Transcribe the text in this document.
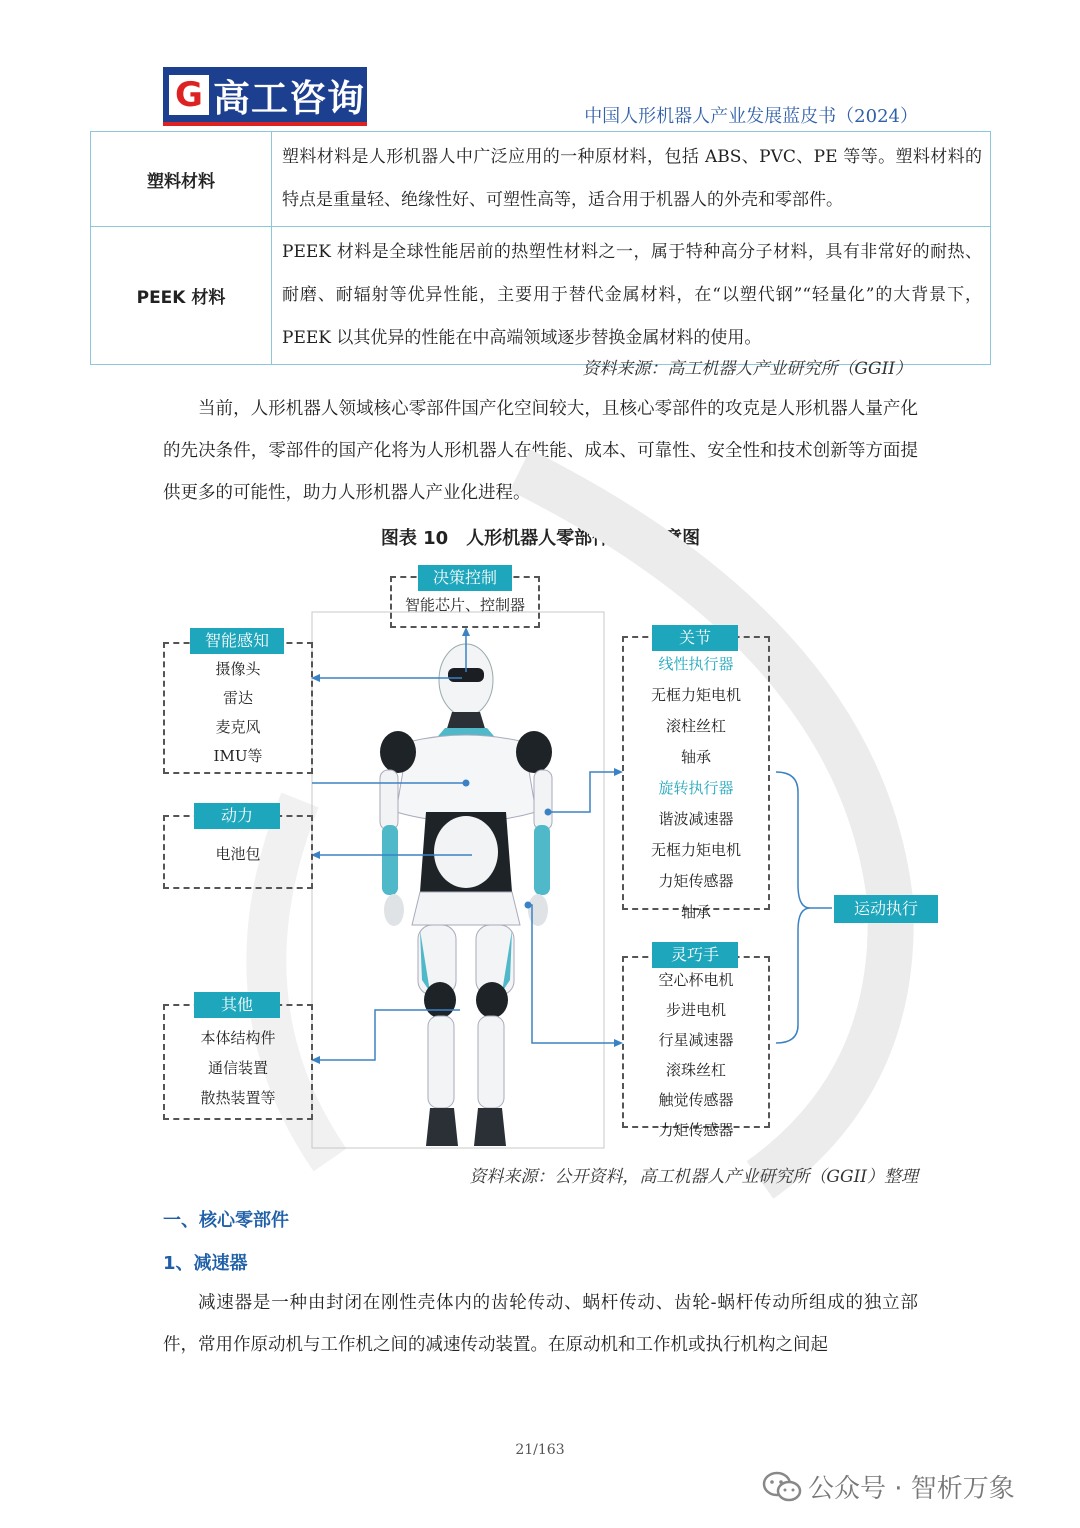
G 高工咨询	中国人形机器人产业发展蓝皮书（2024）
塑料材料	塑料材料是人形机器人中广泛应用的一种原材料，包括 ABS、PVC、PE 等等。塑料材料的特点是重量轻、绝缘性好、可塑性高等，适合用于机器人的外壳和零部件。
PEEK 材料	PEEK 材料是全球性能居前的热塑性材料之一，属于特种高分子材料，具有非常好的耐热、耐磨、耐辐射等优异性能，主要用于替代金属材料，在“以塑代钢”“轻量化”的大背景下，PEEK 以其优异的性能在中高端领域逐步替换金属材料的使用。
资料来源：高工机器人产业研究所（GGII）
当前，人形机器人领域核心零部件国产化空间较大，且核心零部件的攻克是人形机器人量产化的先决条件，零部件的国产化将为人形机器人在性能、成本、可靠性、安全性和技术创新等方面提供更多的可能性，助力人形机器人产业化进程。
图表 10　人形机器人零部件应用示意图
决策控制
智能芯片、控制器
智能感知
摄像头
雷达
麦克风
IMU等
动力
电池包
其他
本体结构件
通信装置
散热装置等
关节
线性执行器
无框力矩电机
滚柱丝杠
轴承
旋转执行器
谐波减速器
无框力矩电机
力矩传感器
轴承
灵巧手
空心杯电机
步进电机
行星减速器
滚珠丝杠
触觉传感器
力矩传感器
运动执行
资料来源：公开资料，高工机器人产业研究所（GGII）整理
一、核心零部件
1、减速器
减速器是一种由封闭在刚性壳体内的齿轮传动、蜗杆传动、齿轮-蜗杆传动所组成的独立部件，常用作原动机与工作机之间的减速传动装置。在原动机和工作机或执行机构之间起
21/163
公众号 · 智析万象
